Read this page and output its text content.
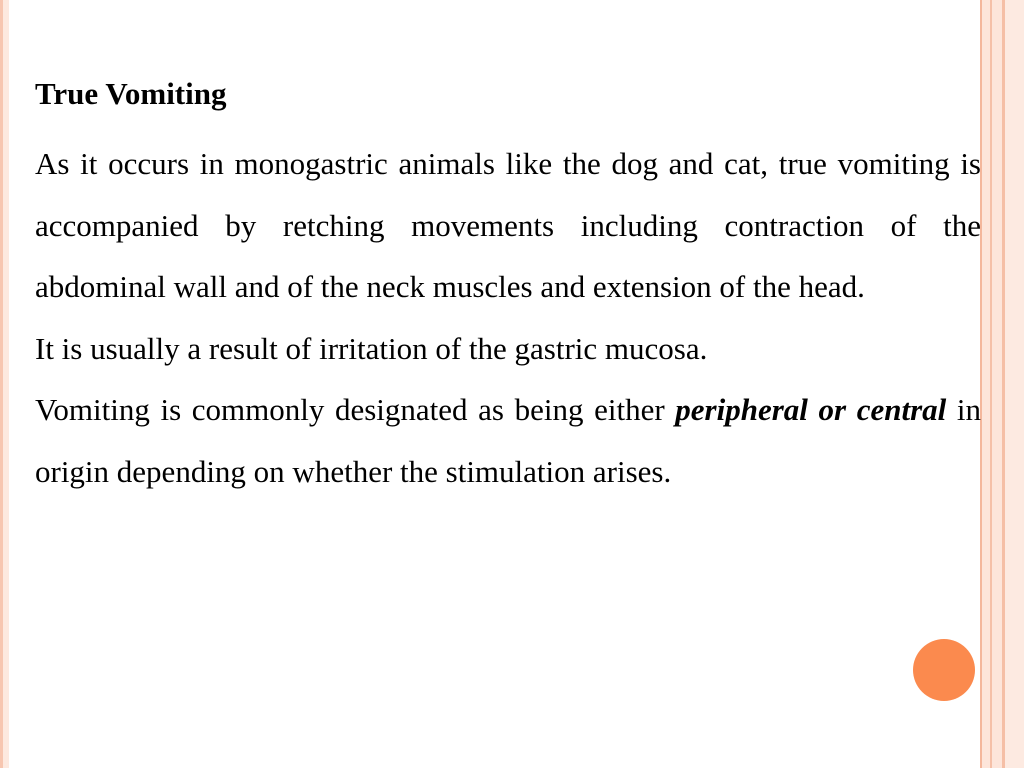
True Vomiting

As it occurs in monogastric animals like the dog and cat, true vomiting is accompanied by retching movements including contraction of the abdominal wall and of the neck muscles and extension of the head.

It is usually a result of irritation of the gastric mucosa.

Vomiting is commonly designated as being either peripheral or central in origin depending on whether the stimulation arises.
